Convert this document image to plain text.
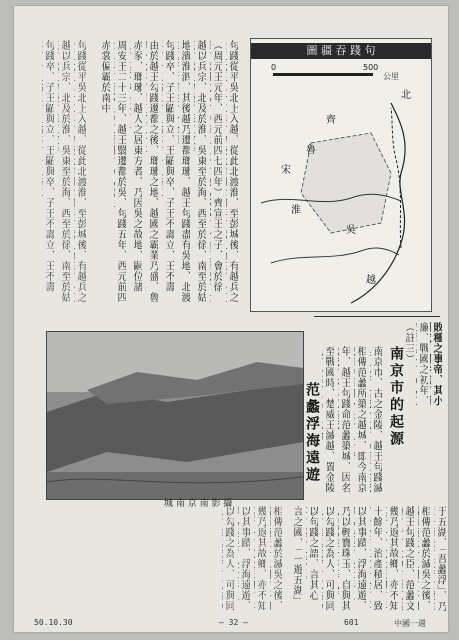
句踐從平吳北上入越、從此北渡淮、至彭城後、有越兵之
（周元王元年、西元前四七四年）齊宣王之子、會於徐
越以兵宗、北及於淮、吳東至於海、西至於徐、南至於姑
地濱淮泗、其後越乃遷都瑯琊、越王句踐盡有吳地、北渡
句踐卒、子王鼫與立、王鼫與卒、子王不壽立、王不壽
由於越王勾踐遷都之後、瑯琊之地、越國之霸業乃盛、魯
赤豕、瑯琊、越人之居東方者、乃因吳之故地、嗣位諸
周安王二十三年、越王翳遷都於吳、句踐五年、西元前四
赤裳偏霸於南中
句踐從平吳北上入越、從此北渡淮、至彭城後、有越兵之
越以兵宗、北及於淮、吳東至於海、西至於徐、南至於姑
句踐卒、子王鼫與立、王鼫與卒、子王不壽立、王不壽
圖 疆 吞 踐 句
0	500
公里
宋
齊
魯
越
吳
北
淮
敗種之事帝、其小
廉、戰國之初年、
（註三）
南京市的起源
南京市、古之金陵、越王句踐滅
相傳范蠡所築之越城、即今南京
年、越王句踐命范蠡築城、因名
至戰國時、楚威王滅越、置金陵
范蠡浮海遠遊
城 南 京 南 影 攝
于五湖、「吾蠡浮」、乃
相傳范蠡於滅吳之後、
越王句踐之臣、范蠡文
幾乃返其故鄉、亦不知
十餘年、治產積居、致
以其事蹟、浮海遠遊、
乃以輕寶珠玉、自與其
以勾踐之為人、可與同
以句踐之語、言其心
言之國、「一遊五湖」
相傳范蠡於滅吳之後、
幾乃返其故鄉、亦不知
以其事蹟、浮海遠遊、
以勾踐之為人、可與同
50.10.30	— 32 —	601	中國一週
